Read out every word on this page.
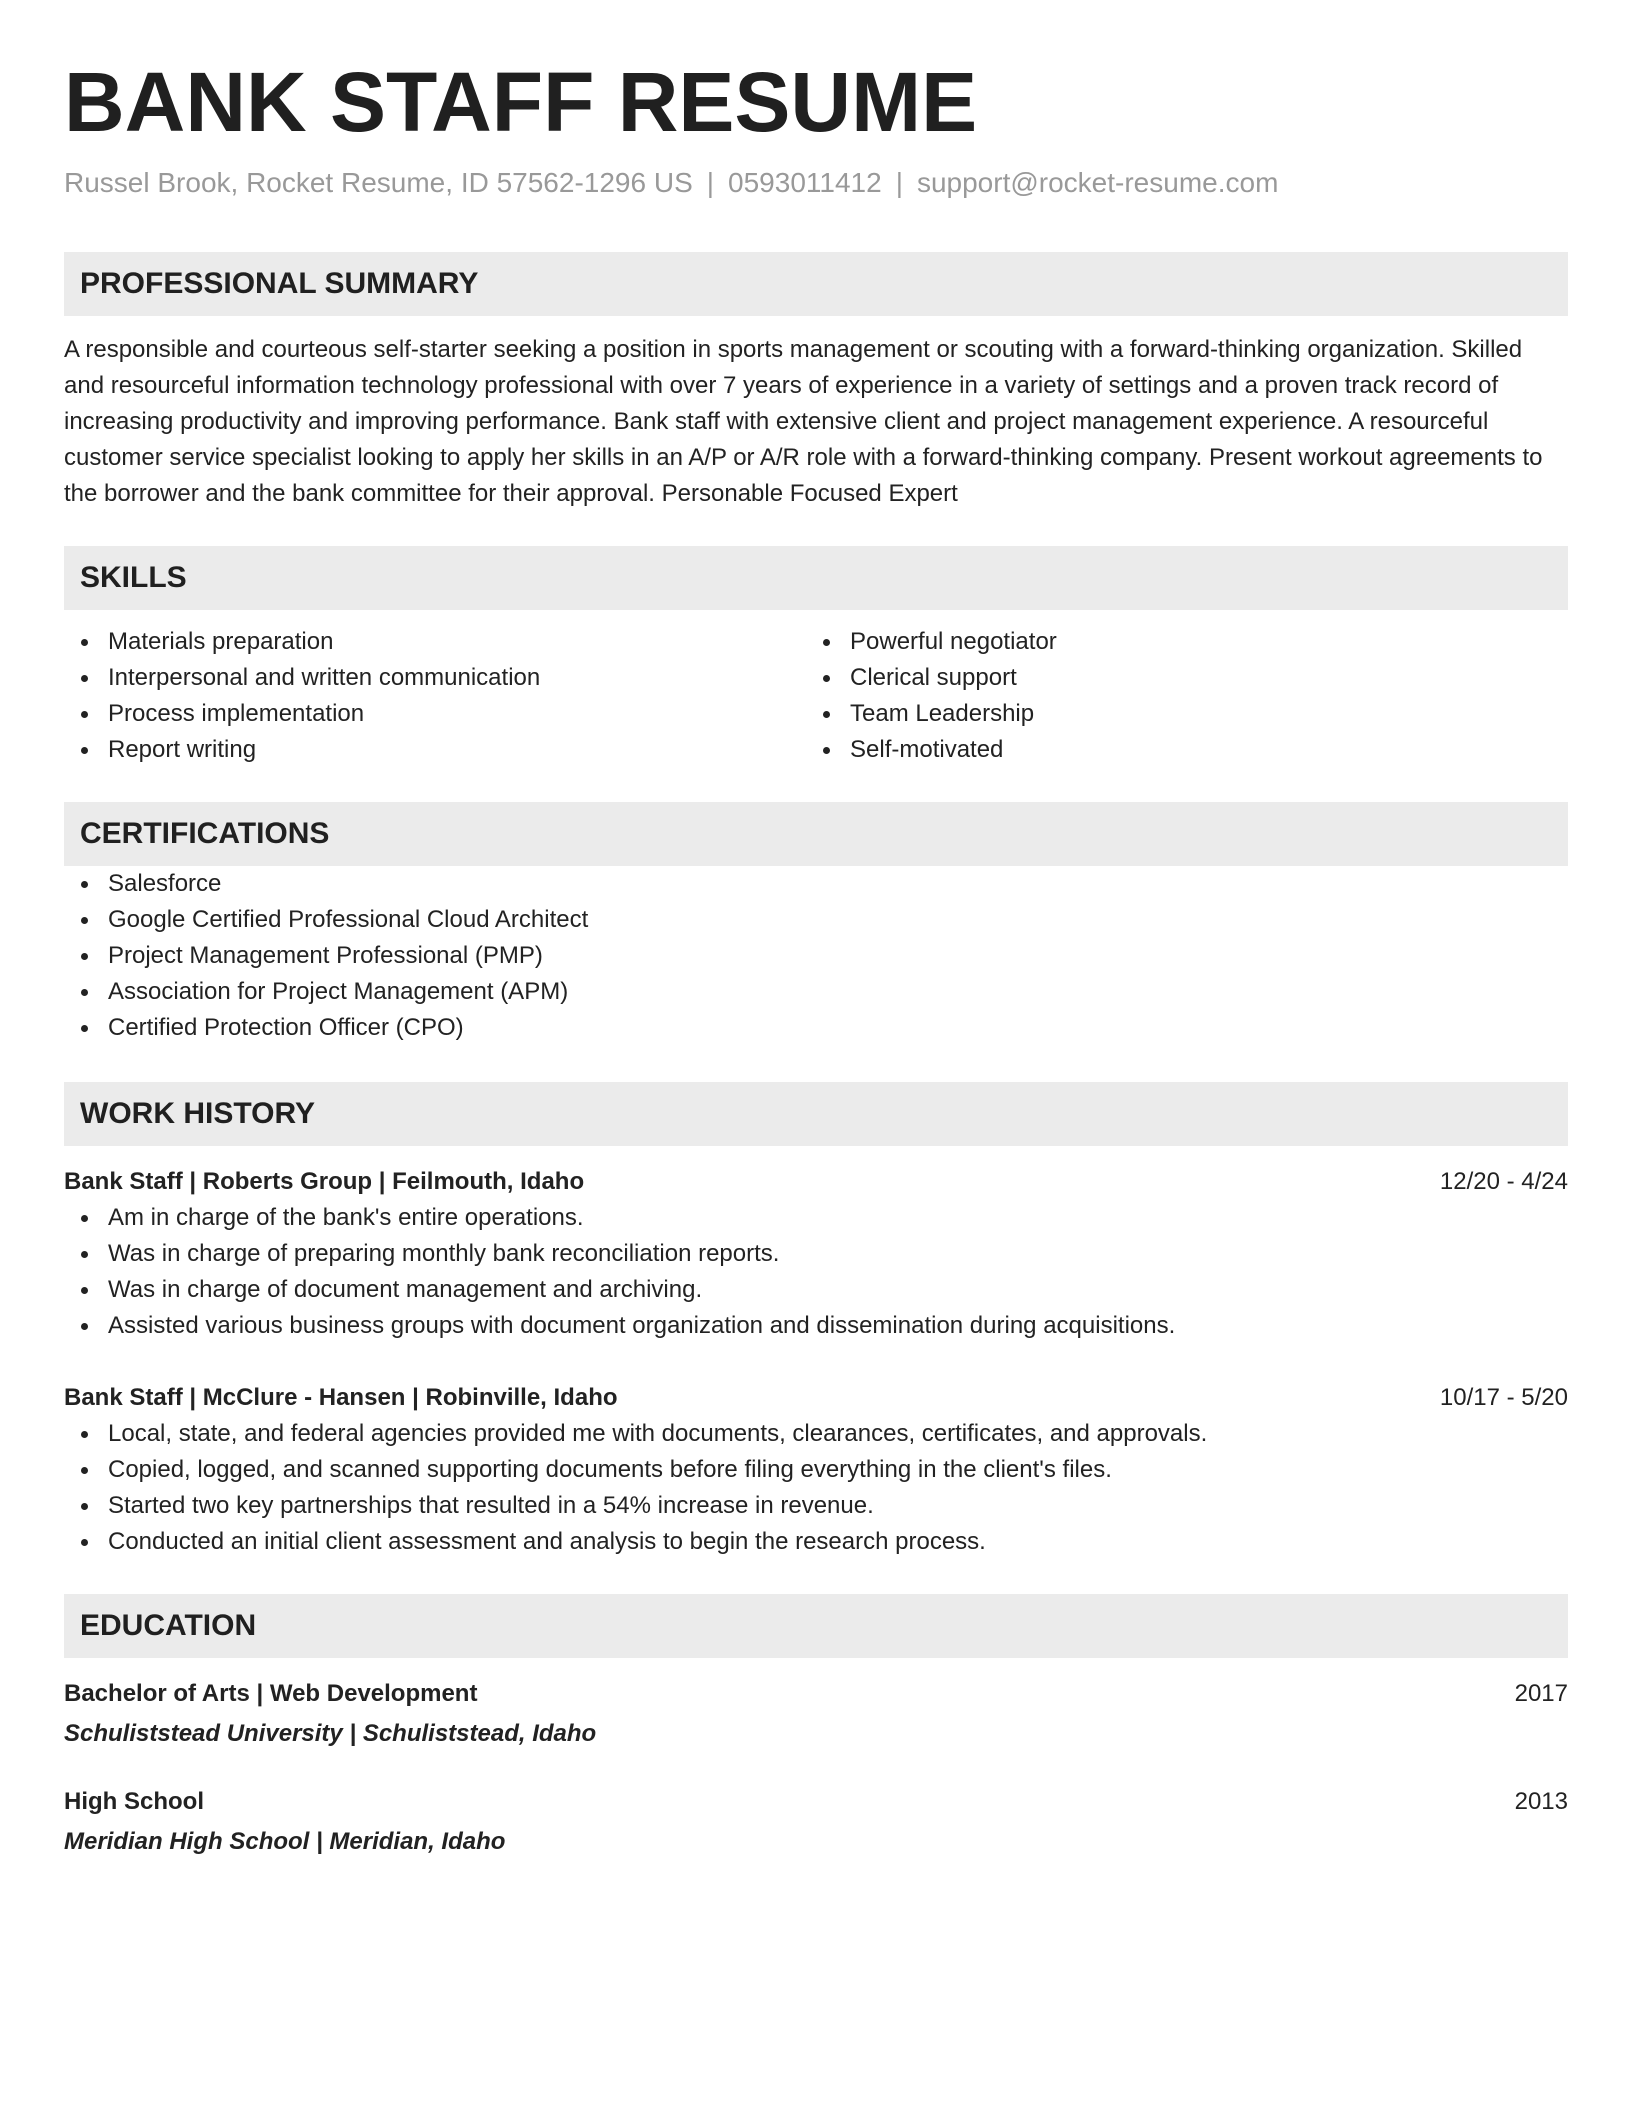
BANK STAFF RESUME
Russel Brook, Rocket Resume, ID 57562-1296 US | 0593011412 | support@rocket-resume.com
PROFESSIONAL SUMMARY
A responsible and courteous self-starter seeking a position in sports management or scouting with a forward-thinking organization. Skilled and resourceful information technology professional with over 7 years of experience in a variety of settings and a proven track record of increasing productivity and improving performance. Bank staff with extensive client and project management experience. A resourceful customer service specialist looking to apply her skills in an A/P or A/R role with a forward-thinking company. Present workout agreements to the borrower and the bank committee for their approval. Personable Focused Expert
SKILLS
Materials preparation
Interpersonal and written communication
Process implementation
Report writing
Powerful negotiator
Clerical support
Team Leadership
Self-motivated
CERTIFICATIONS
Salesforce
Google Certified Professional Cloud Architect
Project Management Professional (PMP)
Association for Project Management (APM)
Certified Protection Officer (CPO)
WORK HISTORY
Bank Staff | Roberts Group | Feilmouth, Idaho	12/20 - 4/24
Am in charge of the bank's entire operations.
Was in charge of preparing monthly bank reconciliation reports.
Was in charge of document management and archiving.
Assisted various business groups with document organization and dissemination during acquisitions.
Bank Staff | McClure - Hansen | Robinville, Idaho	10/17 - 5/20
Local, state, and federal agencies provided me with documents, clearances, certificates, and approvals.
Copied, logged, and scanned supporting documents before filing everything in the client's files.
Started two key partnerships that resulted in a 54% increase in revenue.
Conducted an initial client assessment and analysis to begin the research process.
EDUCATION
Bachelor of Arts | Web Development	2017
Schuliststead University | Schuliststead, Idaho
High School	2013
Meridian High School | Meridian, Idaho
